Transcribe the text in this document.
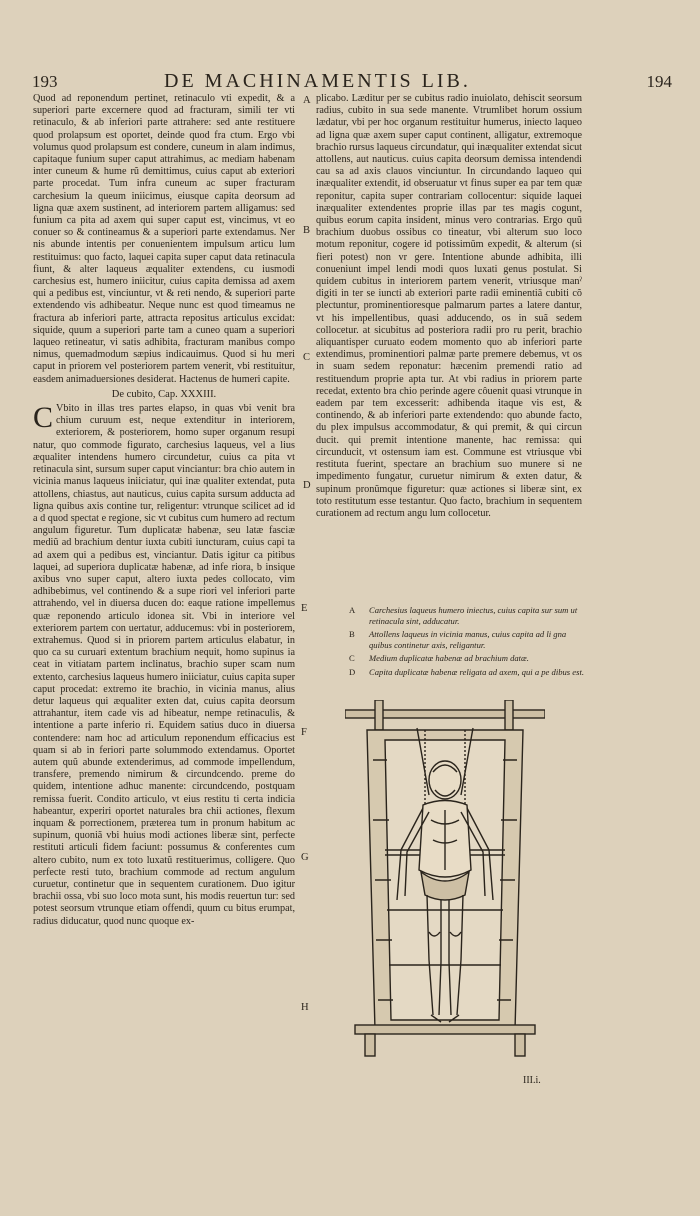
193	DE MACHINAMENTIS LIB.	194

Quod ad reponendum pertinet, retinaculo vti expedit, & a superiori parte excernere quod ad fracturam, simili ter vti retinaculo, & ab inferiori parte attrahere: sed ante restituere quod prolapsum est oportet, deinde quod fra ctum. Ergo vbi volumus quod prolapsum est condere, cuneum in alam indimus, capitaque funium super caput attrahimus, ac mediam habenam inter cuneum & hume rũ demittimus, cuius caput ab exteriori parte procedat. Tum infra cuneum ac super fracturam carchesium la queum iniicimus, eiusque capita deorsum ad ligna quæ axem sustinent, ad interiorem partem alligamus: sed funium ca pita ad axem qui super caput est, vincimus, vt eo conuer so & contineamus & a superiori parte extendamus. Ner nis abunde intentis per conuenientem impulsum articu lum restituimus: quo facto, laquei capita super caput data retinacula fiunt, & alter laqueus æqualiter extendens, cu iusmodi carchesius est, humero iniicitur, cuius capita demissa ad axem qui a pedibus est, vinciuntur, vt & reti nendo, & superiori parte extendendo vis adhibeatur. Neque nunc est quod timeamus ne fractura ab inferiori parte, attracta repositus articulus excidat: siquide, quum a superiori parte tam a cuneo quam a superiori laqueo retineatur, vi satis adhibita, fracturam manibus compo nimus, quemadmodum sæpius indicauimus. Quod si hu meri caput in priorem vel posteriorem partem venerit, vbi restituitur, easdem animaduersiones desiderat. Hactenus de humeri capite.

De cubito, Cap. XXXIII.

C Vbito in illas tres partes elapso, in quas vbi venit bra chium curuum est, neque extenditur in interiorem, exteriorem, & posteriorem, homo super organum resupi natur, quo commode figurato, carchesius laqueus, vel a lius æqualiter intendens humero circundetur, cuius ca pita vt retinacula sint, sursum super caput vinciantur: bra chio autem in vicinia manus laqueus iniiciatur, qui inæ qualiter extendat, puta attollens, chiastus, aut nauticus, cuius capita sursum adducta ad ligna quibus axis contine tur, religentur: vtrunque scilicet ad id a d quod spectat e regione, sic vt cubitus cum humero ad rectum angulum figuretur. Tum duplicatæ habenæ, seu latæ fasciæ mediũ ad brachium dentur iuxta cubiti iuncturam, cuius capi ta ad axem qui a pedibus est, vinciantur. Datis igitur ca pitibus laquei, ad superiora duplicatæ habenæ, ad infe riora, b insique axibus vno super caput, altero iuxta pedes collocato, vim adhibebimus, vel continendo & a supe riori vel inferiori parte attrahendo, vel in diuersa ducen do: eaque ratione impellemus quæ reponendo articulo idonea sit. Vbi in interiore vel exteriorem partem con uertatur, adducemus: vbi in posteriorem, extrahemus. Quod si in priorem partem articulus elabatur, in quo ca su curuari extentum brachium nequit, homo supinus ia ceat in vitiatam partem inclinatus, brachio super scam num extento, carchesius laqueus humero iniiciatur, cuius capita super caput procedat: extremo ite brachio, in vicinia manus, alius detur laqueus qui æqualiter exten dat, cuius capita deorsum attrahantur, item cade vis ad hibeatur, nempe retinaculis, & intentione a parte inferio ri. Equidem satius duco in diuersa contendere: nam hoc ad articulum reponendum efficacius est quam si ab in feriori parte solummodo extendamus. Oportet autem quũ abunde extenderimus, ad commode impellendum, transfere, premendo nimirum & circundcendo. preme do quidem, intentione adhuc manente: circundcendo, postquam remissa fuerit. Condito articulo, vt eius restitu ti certa indicia habeantur, experiri oportet naturales bra chii actiones, flexum inquam & porrectionem, præterea tum in pronum habitum ac supinum, quoniã vbi huius modi actiones liberæ sint, perfecte restituti articuli fidem faciunt: possumus & conferentes cum altero cubito, num ex toto luxatũ restituerimus, colligere. Quo perfecte resti tuto, brachium commode ad rectum angulum curuetur, continetur que in sequentem curationem. Duo igitur brachii ossa, vbi suo loco mota sunt, his modis reuertun tur: sed potest seorsum vtrunque etiam offendi, quum cu bitus erumpat, radius diducatur, quod nunc quoque ex-

plicabo. Læditur per se cubitus radio inuiolato, dehiscit seorsum radius, cubito in sua sede manente. Vtrumlibet horum ossium lædatur, vbi per hoc organum restituitur humerus, iniecto laqueo ad ligna quæ axem super caput continent, alligatur, extremoque brachio rursus laqueus circundatur, qui inæqualiter extendat sicut attollens, aut nauticus. cuius capita deorsum demissa intendendi cau sa ad axis clauos vinciuntur. In circundando laqueo qui inæqualiter extendit, id obseruatur vt finus super ea par tem quæ reponitur, capita super contrariam collocentur: siquide laquei inæqualiter extendentes proprie illas par tes magis cogunt, quibus eorum capita insident, minus vero contrarias. Ergo quũ brachium duobus ossibus co tineatur, vbi alterum suo loco motum reponitur, cogere id potissimũm expedit, & alterum (si fieri potest) non vr gere. Intentione abunde adhibita, illi conueniunt impel lendi modi quos luxati genus postulat. Si quidem cubitus in interiorem partem venerit, vtriusque manˀ digiti in ter se iuncti ab exteriori parte radii eminentiã cubiti cõ plectuntur, prominentioresque palmarum partes a latere dantur, vt his impellentibus, quasi adducendo, os in suã sedem collocetur. at sicubitus ad posteriora radii pro ru perit, brachio aliquantisper curuato eodem momento quo ab inferiori parte extendimus, prominentiori palmæ parte premere debemus, vt os in suam sedem reponatur: hæcenim premendi ratio ad restituendum proprie apta tur. At vbi radius in priorem parte recedat, extento bra chio perinde agere côuenit quasi vtrunque in eadem par tem excesserit: adhibenda itaque vis est, & continendo, & ab inferiori parte extendendo: quo abunde facto, du plex impulsus accommodatur, & qui premit, & qui circun ducit. qui premit intentione manente, hac remissa: qui circunducit, vt ostensum iam est. Commune est vtriusque vbi restituta fuerint, spectare an brachium suo munere si ne impedimento fungatur, curuetur nimirum & exten datur, & supinum pronũmque figuretur: quæ actiones si liberæ sint, ex toto restitutum esse testantur. Quo facto, brachium in sequentem curationem ad rectum angu lum collocetur.

A
B
C
D
E
F
G
H
A Carchesius laqueus humero iniectus, cuius capita sur sum ut retinacula sint, adducatur.
B Attollens laqueus in vicinia manus, cuius capita ad li gna quibus continetur axis, religantur.
C Medium duplicatæ habenæ ad brachium datæ.
D Capita duplicatæ habenæ religata ad axem, qui a pe dibus est.
III.i.
